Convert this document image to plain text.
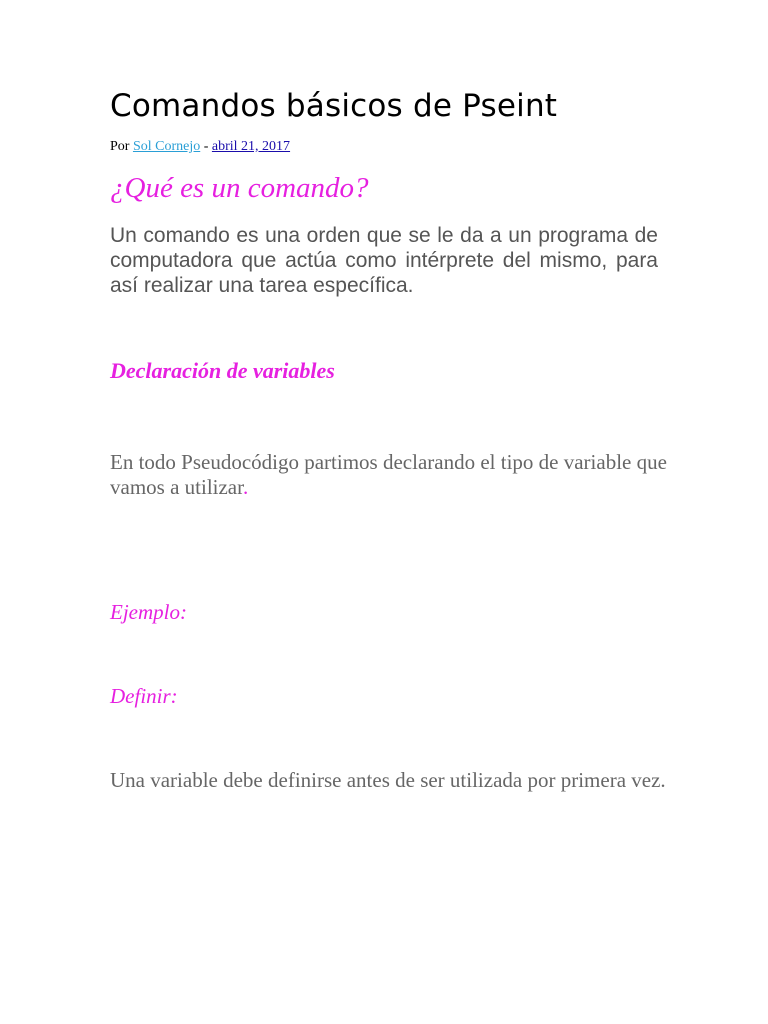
Comandos básicos de Pseint
Por Sol Cornejo - abril 21, 2017
¿Qué es un comando?

Un comando es una orden que se le da a un programa de computadora que actúa como intérprete del mismo, para así realizar una tarea específica.

Declaración de variables

En todo Pseudocódigo partimos declarando el tipo de variable que vamos a utilizar.

Ejemplo:

Definir:

Una variable debe definirse antes de ser utilizada por primera vez.
